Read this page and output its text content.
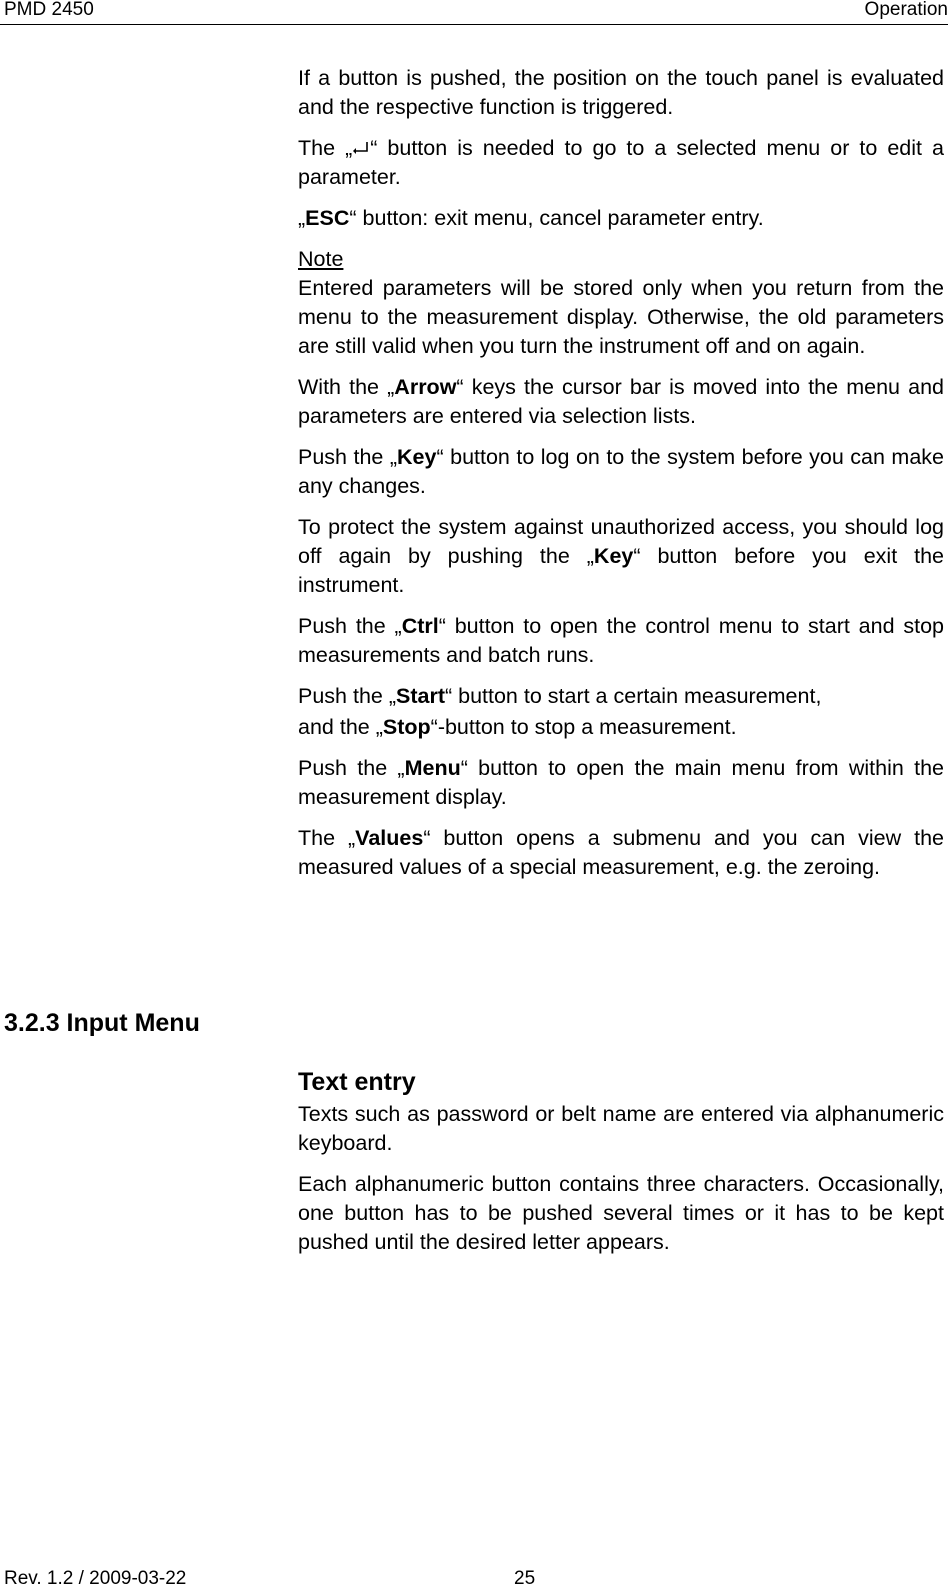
PMD 2450	Operation

If a button is pushed, the position on the touch panel is evaluated and the respective function is triggered.

The „ “ button is needed to go to a selected menu or to edit a parameter.

„ESC“ button: exit menu, cancel parameter entry.

Note
Entered parameters will be stored only when you return from the menu to the measurement display. Otherwise, the old parameters are still valid when you turn the instrument off and on again.

With the „Arrow“ keys the cursor bar is moved into the menu and parameters are entered via selection lists.

Push the „Key“ button to log on to the system before you can make any changes.

To protect the system against unauthorized access, you should log off again by pushing the „Key“ button before you exit the instrument.

Push the „Ctrl“ button to open the control menu to start and stop measurements and batch runs.

Push the „Start“ button to start a certain measurement,

and the „Stop“-button to stop a measurement.

Push the „Menu“ button to open the main menu from within the measurement display.

The „Values“ button opens a submenu and you can view the measured values of a special measurement, e.g. the zeroing.

3.2.3 Input Menu
Text entry

Texts such as password or belt name are entered via alphanumeric keyboard.

Each alphanumeric button contains three characters. Occasionally, one button has to be pushed several times or it has to be kept pushed until the desired letter appears.

Rev. 1.2 / 2009-03-22	25
